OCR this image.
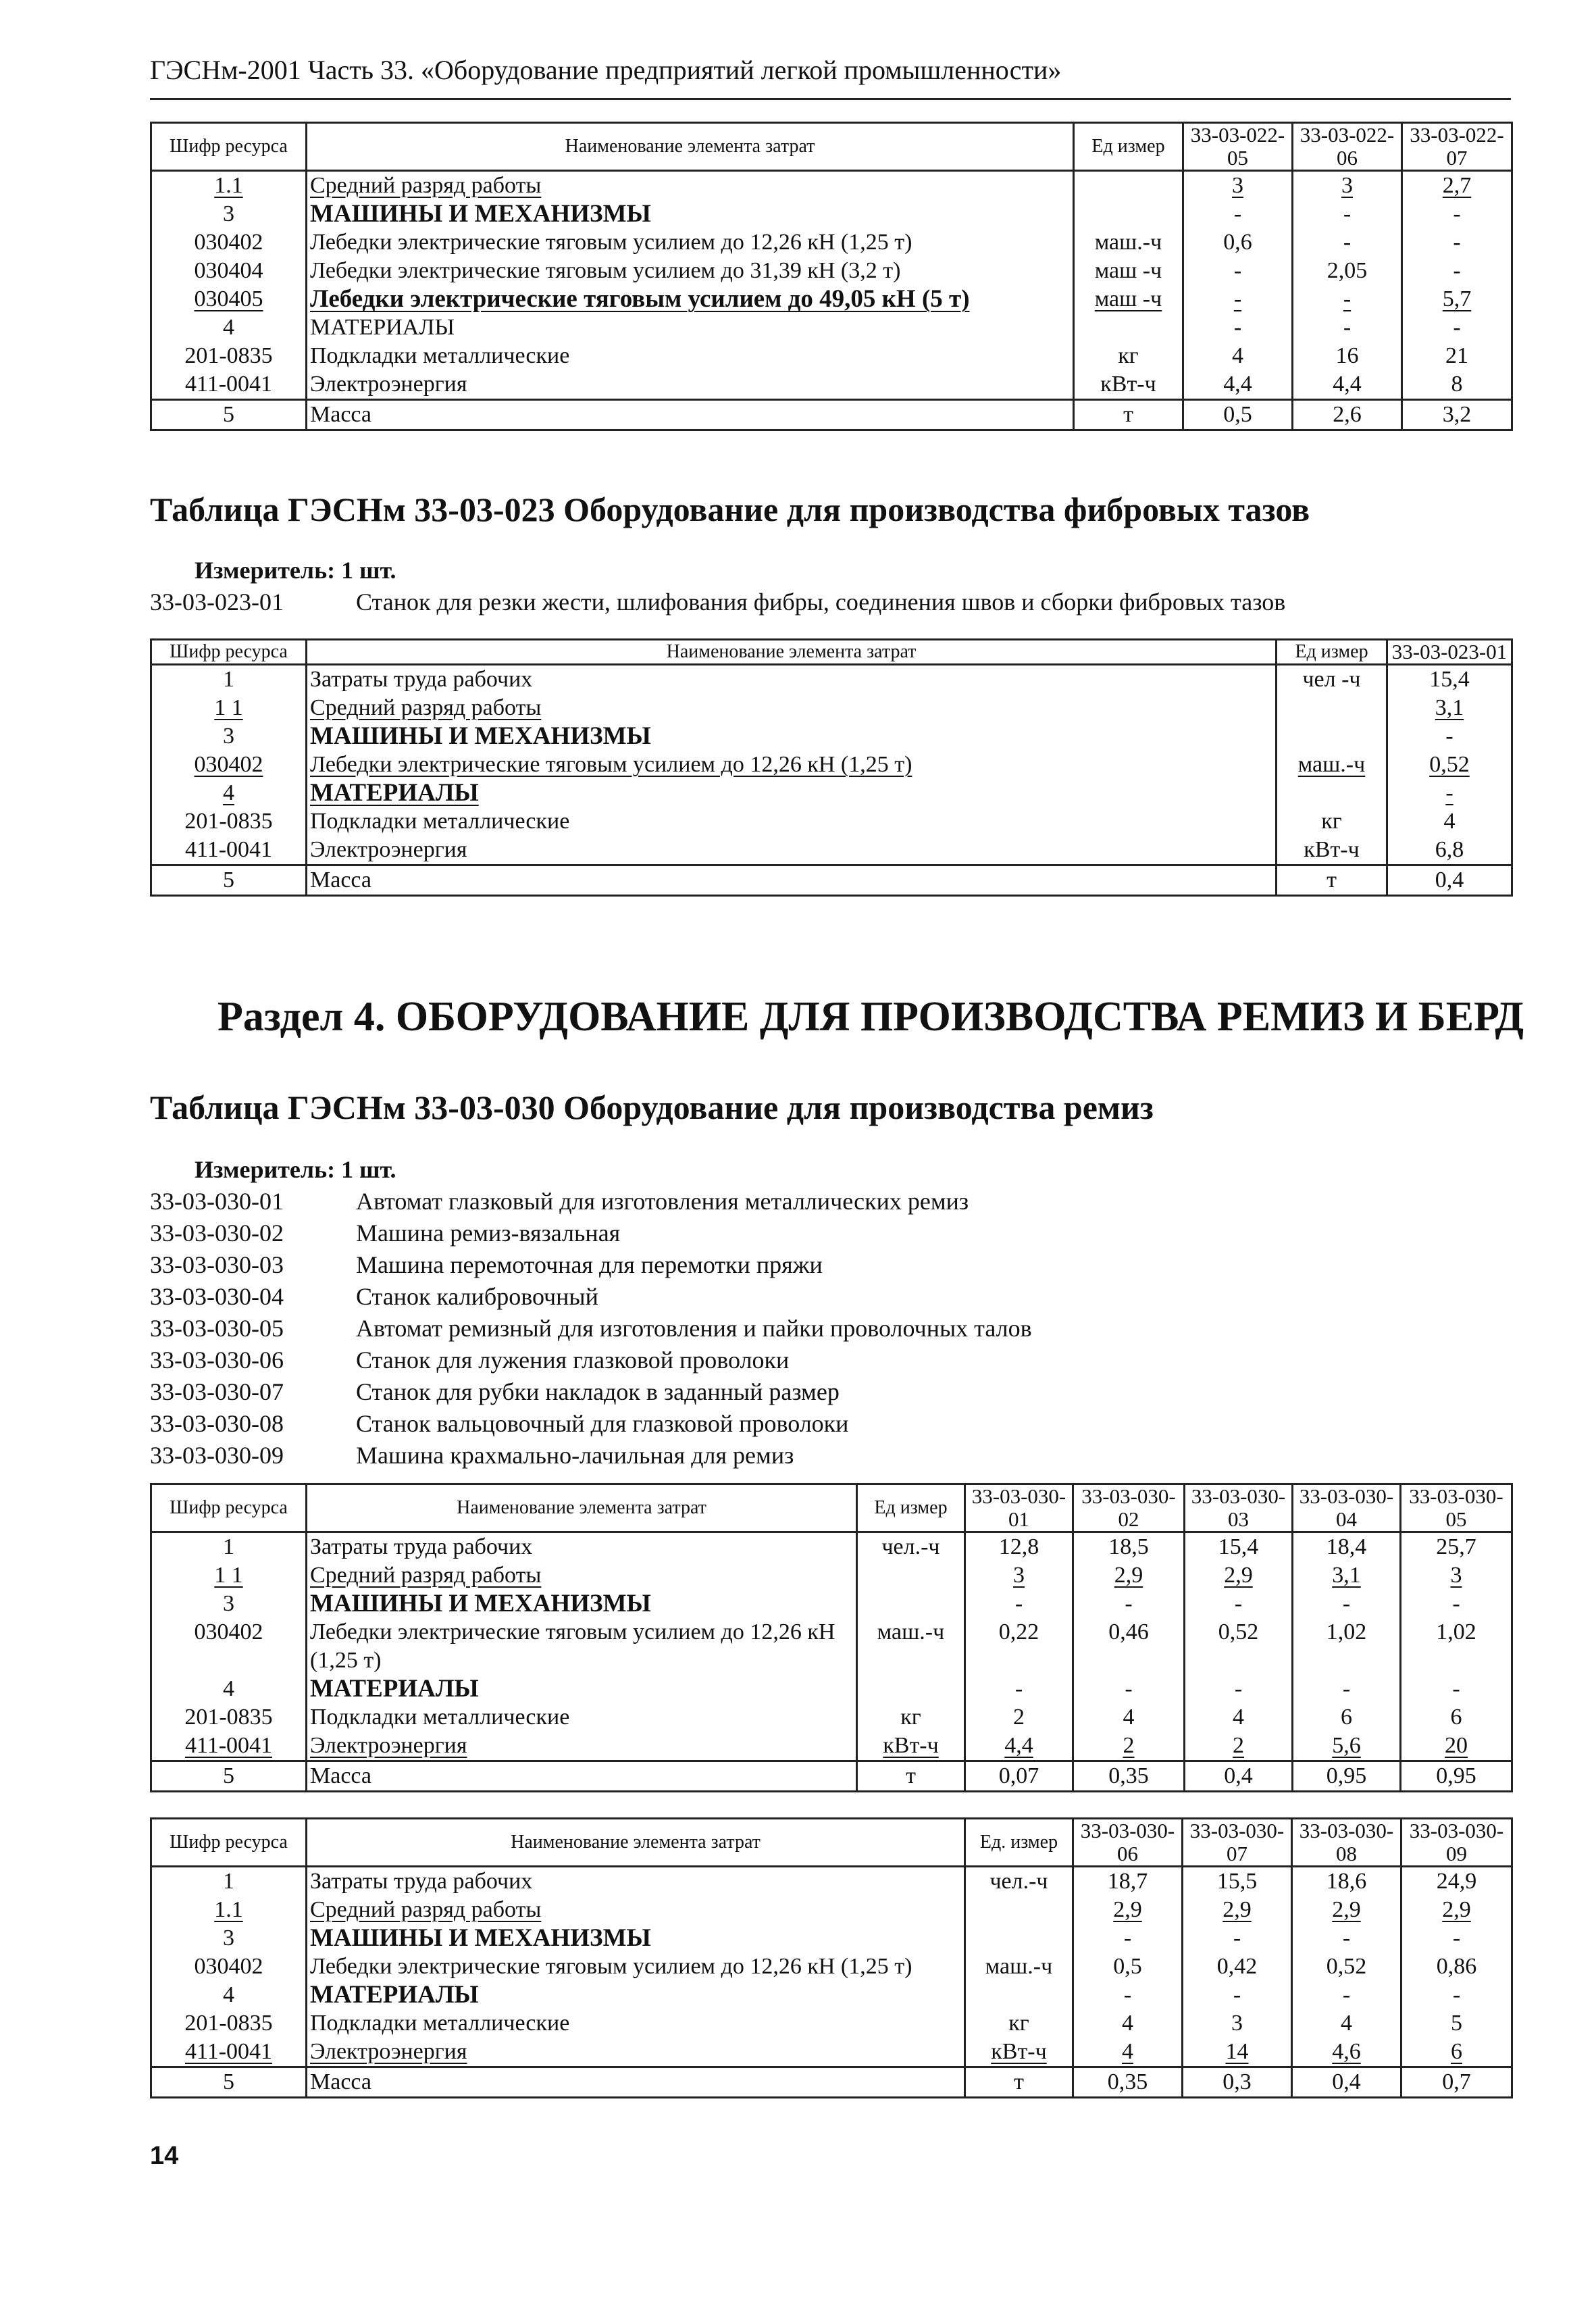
ГЭСНм-2001 Часть 33. «Оборудование предприятий легкой промышленности»
Шифр ресурса	Наименование элемента затрат	Ед измер	33-03-022-05	33-03-022-06	33-03-022-07
1.1	Средний разряд работы		3	3	2,7
3	МАШИНЫ И МЕХАНИЗМЫ		-	-	-
030402	Лебедки электрические тяговым усилием до 12,26 кН (1,25 т)	маш.-ч	0,6	-	-
030404	Лебедки электрические тяговым усилием до 31,39 кН (3,2 т)	маш -ч	-	2,05	-
030405	Лебедки электрические тяговым усилием до 49,05 кН (5 т)	маш -ч	-	-	5,7
4	МАТЕРИАЛЫ		-	-	-
201-0835	Подкладки металлические	кг	4	16	21
411-0041	Электроэнергия	кВт-ч	4,4	4,4	8
5	Масса	т	0,5	2,6	3,2
Таблица ГЭСНм 33-03-023 Оборудование для производства фибровых тазов
Измеритель: 1 шт.
33-03-023-01	Станок для резки жести, шлифования фибры, соединения швов и сборки фибровых тазов
Шифр ресурса	Наименование элемента затрат	Ед измер	33-03-023-01
1	Затраты труда рабочих	чел -ч	15,4
1 1	Средний разряд работы		3,1
3	МАШИНЫ И МЕХАНИЗМЫ		-
030402	Лебедки электрические тяговым усилием до 12,26 кН (1,25 т)	маш.-ч	0,52
4	МАТЕРИАЛЫ		-
201-0835	Подкладки металлические	кг	4
411-0041	Электроэнергия	кВт-ч	6,8
5	Масса	т	0,4
Раздел 4. ОБОРУДОВАНИЕ ДЛЯ ПРОИЗВОДСТВА РЕМИЗ И БЕРД
Таблица ГЭСНм 33-03-030 Оборудование для производства ремиз
Измеритель: 1 шт.
33-03-030-01	Автомат глазковый для изготовления металлических ремиз
33-03-030-02	Машина ремиз-вязальная
33-03-030-03	Машина перемоточная для перемотки пряжи
33-03-030-04	Станок калибровочный
33-03-030-05	Автомат ремизный для изготовления и пайки проволочных талов
33-03-030-06	Станок для лужения глазковой проволоки
33-03-030-07	Станок для рубки накладок в заданный размер
33-03-030-08	Станок вальцовочный для глазковой проволоки
33-03-030-09	Машина крахмально-лачильная для ремиз
Шифр ресурса	Наименование элемента затрат	Ед измер	33-03-030-01	33-03-030-02	33-03-030-03	33-03-030-04	33-03-030-05
1	Затраты труда рабочих	чел.-ч	12,8	18,5	15,4	18,4	25,7
1 1	Средний разряд работы		3	2,9	2,9	3,1	3
3	МАШИНЫ И МЕХАНИЗМЫ		-	-	-	-	-
030402	Лебедки электрические тяговым усилием до 12,26 кН (1,25 т)	маш.-ч	0,22	0,46	0,52	1,02	1,02
4	МАТЕРИАЛЫ		-	-	-	-	-
201-0835	Подкладки металлические	кг	2	4	4	6	6
411-0041	Электроэнергия	кВт-ч	4,4	2	2	5,6	20
5	Масса	т	0,07	0,35	0,4	0,95	0,95
Шифр ресурса	Наименование элемента затрат	Ед. измер	33-03-030-06	33-03-030-07	33-03-030-08	33-03-030-09
1	Затраты труда рабочих	чел.-ч	18,7	15,5	18,6	24,9
1.1	Средний разряд работы		2,9	2,9	2,9	2,9
3	МАШИНЫ И МЕХАНИЗМЫ		-	-	-	-
030402	Лебедки электрические тяговым усилием до 12,26 кН (1,25 т)	маш.-ч	0,5	0,42	0,52	0,86
4	МАТЕРИАЛЫ		-	-	-	-
201-0835	Подкладки металлические	кг	4	3	4	5
411-0041	Электроэнергия	кВт-ч	4	14	4,6	6
5	Масса	т	0,35	0,3	0,4	0,7
14
